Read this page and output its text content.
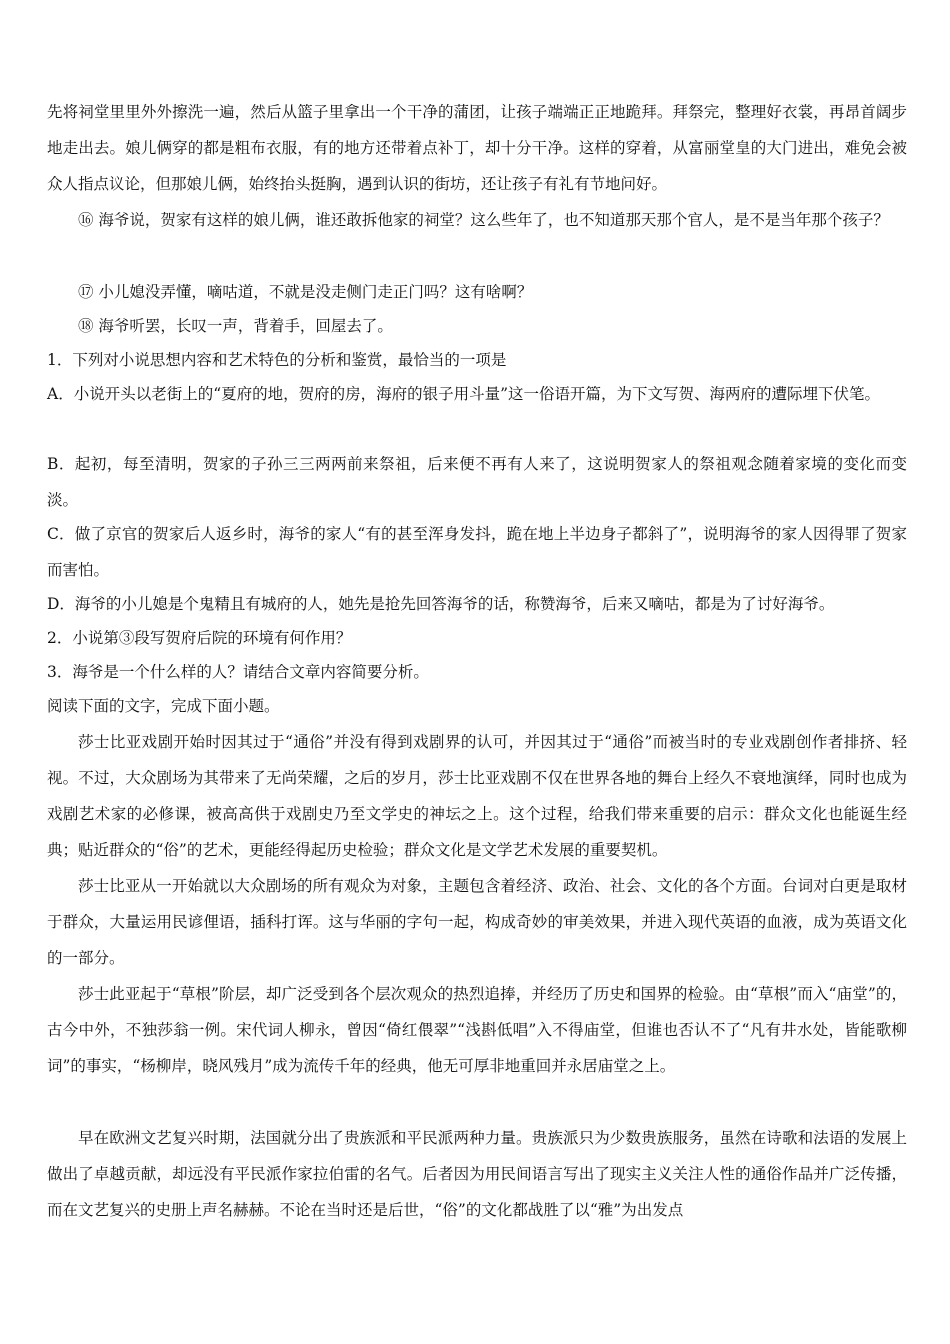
先将祠堂里里外外擦洗一遍，然后从篮子里拿出一个干净的蒲团，让孩子端端正正地跪拜。拜祭完，整理好衣裳，再昂首阔步地走出去。娘儿俩穿的都是粗布衣服，有的地方还带着点补丁，却十分干净。这样的穿着，从富丽堂皇的大门进出，难免会被众人指点议论，但那娘儿俩，始终抬头挺胸，遇到认识的街坊，还让孩子有礼有节地问好。
⑯ 海爷说，贺家有这样的娘儿俩，谁还敢拆他家的祠堂？这么些年了，也不知道那天那个官人，是不是当年那个孩子？
⑰ 小儿媳没弄懂，嘀咕道，不就是没走侧门走正门吗？这有啥啊？
⑱ 海爷听罢，长叹一声，背着手，回屋去了。
1．下列对小说思想内容和艺术特色的分析和鉴赏，最恰当的一项是
A．小说开头以老街上的“夏府的地，贺府的房，海府的银子用斗量”这一俗语开篇，为下文写贺、海两府的遭际埋下伏笔。
B．起初，每至清明，贺家的子孙三三两两前来祭祖，后来便不再有人来了，这说明贺家人的祭祖观念随着家境的变化而变淡。
C．做了京官的贺家后人返乡时，海爷的家人“有的甚至浑身发抖，跪在地上半边身子都斜了”，说明海爷的家人因得罪了贺家而害怕。
D．海爷的小儿媳是个鬼精且有城府的人，她先是抢先回答海爷的话，称赞海爷，后来又嘀咕，都是为了讨好海爷。
2．小说第③段写贺府后院的环境有何作用？
3．海爷是一个什么样的人？请结合文章内容简要分析。
阅读下面的文字，完成下面小题。
莎士比亚戏剧开始时因其过于“通俗”并没有得到戏剧界的认可，并因其过于“通俗”而被当时的专业戏剧创作者排挤、轻视。不过，大众剧场为其带来了无尚荣耀，之后的岁月，莎士比亚戏剧不仅在世界各地的舞台上经久不衰地演绎，同时也成为戏剧艺术家的必修课，被高高供于戏剧史乃至文学史的神坛之上。这个过程，给我们带来重要的启示：群众文化也能诞生经典；贴近群众的“俗”的艺术，更能经得起历史检验；群众文化是文学艺术发展的重要契机。
莎士比亚从一开始就以大众剧场的所有观众为对象，主题包含着经济、政治、社会、文化的各个方面。台词对白更是取材于群众，大量运用民谚俚语，插科打诨。这与华丽的字句一起，构成奇妙的审美效果，并进入现代英语的血液，成为英语文化的一部分。
莎士此亚起于“草根”阶层，却广泛受到各个层次观众的热烈追捧，并经历了历史和国界的检验。由“草根”而入“庙堂”的，古今中外，不独莎翁一例。宋代词人柳永，曾因“倚红偎翠”“浅斟低唱”入不得庙堂，但谁也否认不了“凡有井水处，皆能歌柳词”的事实，“杨柳岸，晓风残月”成为流传千年的经典，他无可厚非地重回并永居庙堂之上。
早在欧洲文艺复兴时期，法国就分出了贵族派和平民派两种力量。贵族派只为少数贵族服务，虽然在诗歌和法语的发展上做出了卓越贡献，却远没有平民派作家拉伯雷的名气。后者因为用民间语言写出了现实主义关注人性的通俗作品并广泛传播，而在文艺复兴的史册上声名赫赫。不论在当时还是后世，“俗”的文化都战胜了以“雅”为出发点
